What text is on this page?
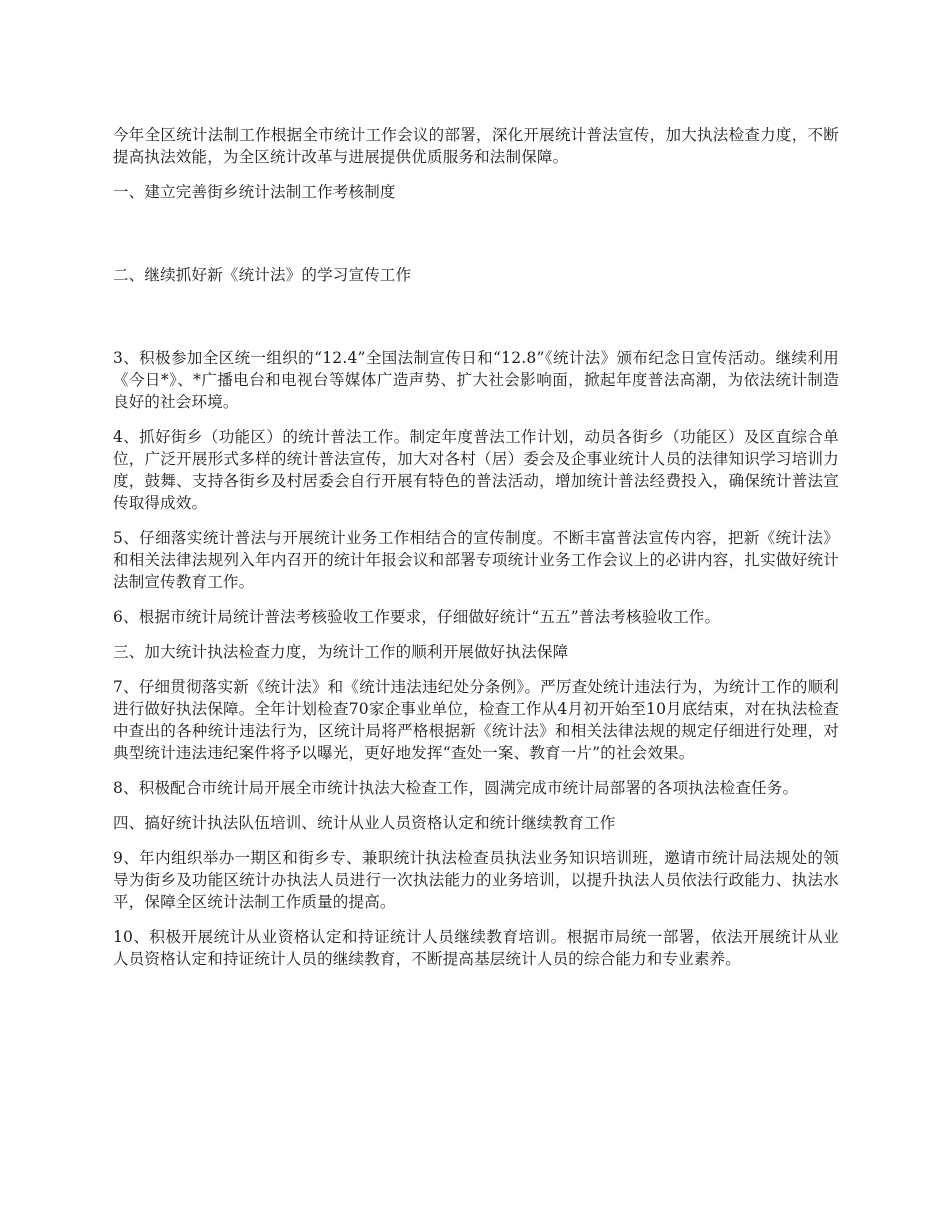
今年全区统计法制工作根据全市统计工作会议的部署，深化开展统计普法宣传，加大执法检查力度，不断提高执法效能，为全区统计改革与进展提供优质服务和法制保障。

一、建立完善街乡统计法制工作考核制度

二、继续抓好新《统计法》的学习宣传工作

3、积极参加全区统一组织的“12.4”全国法制宣传日和“12.8”《统计法》颁布纪念日宣传活动。继续利用《今日*》、*广播电台和电视台等媒体广造声势、扩大社会影响面，掀起年度普法高潮，为依法统计制造良好的社会环境。

4、抓好街乡（功能区）的统计普法工作。制定年度普法工作计划，动员各街乡（功能区）及区直综合单位，广泛开展形式多样的统计普法宣传，加大对各村（居）委会及企事业统计人员的法律知识学习培训力度，鼓舞、支持各街乡及村居委会自行开展有特色的普法活动，增加统计普法经费投入，确保统计普法宣传取得成效。

5、仔细落实统计普法与开展统计业务工作相结合的宣传制度。不断丰富普法宣传内容，把新《统计法》和相关法律法规列入年内召开的统计年报会议和部署专项统计业务工作会议上的必讲内容，扎实做好统计法制宣传教育工作。

6、根据市统计局统计普法考核验收工作要求，仔细做好统计“五五”普法考核验收工作。

三、加大统计执法检查力度，为统计工作的顺利开展做好执法保障

7、仔细贯彻落实新《统计法》和《统计违法违纪处分条例》。严厉查处统计违法行为，为统计工作的顺利进行做好执法保障。全年计划检查70家企事业单位，检查工作从4月初开始至10月底结束，对在执法检查中查出的各种统计违法行为，区统计局将严格根据新《统计法》和相关法律法规的规定仔细进行处理，对典型统计违法违纪案件将予以曝光，更好地发挥“查处一案、教育一片”的社会效果。

8、积极配合市统计局开展全市统计执法大检查工作，圆满完成市统计局部署的各项执法检查任务。

四、搞好统计执法队伍培训、统计从业人员资格认定和统计继续教育工作

9、年内组织举办一期区和街乡专、兼职统计执法检查员执法业务知识培训班，邀请市统计局法规处的领导为街乡及功能区统计办执法人员进行一次执法能力的业务培训，以提升执法人员依法行政能力、执法水平，保障全区统计法制工作质量的提高。

10、积极开展统计从业资格认定和持证统计人员继续教育培训。根据市局统一部署，依法开展统计从业人员资格认定和持证统计人员的继续教育，不断提高基层统计人员的综合能力和专业素养。
